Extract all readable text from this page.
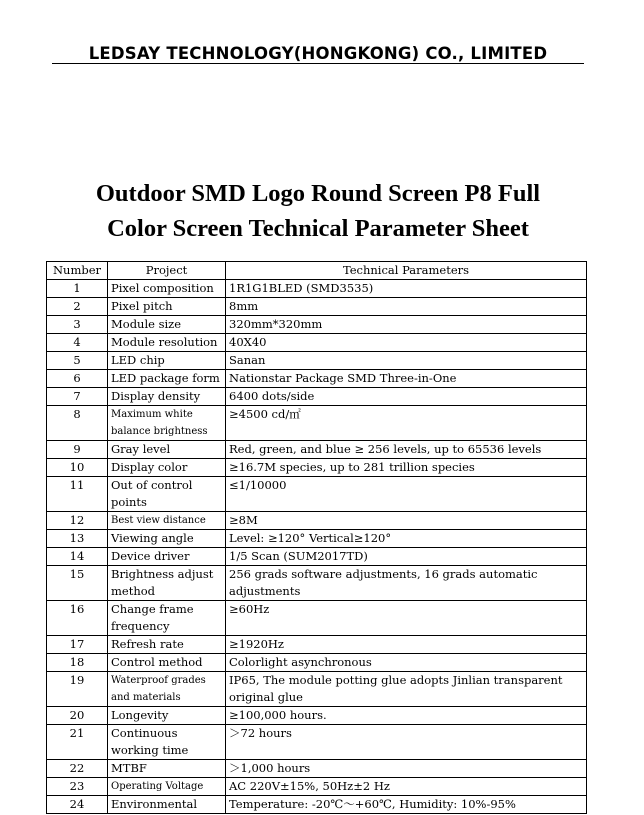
LEDSAY TECHNOLOGY(HONGKONG) CO., LIMITED
Outdoor SMD Logo Round Screen P8 Full
Color Screen Technical Parameter Sheet
Number	Project	Technical Parameters
1	Pixel composition	1R1G1BLED (SMD3535)
2	Pixel pitch	8mm
3	Module size	320mm*320mm
4	Module resolution	40X40
5	LED chip	Sanan
6	LED package form	Nationstar Package SMD Three-in-One
7	Display density	6400 dots/side
8	Maximum white balance brightness	≥4500 cd/㎡
9	Gray level	Red, green, and blue ≥ 256 levels, up to 65536 levels
10	Display color	≥16.7M species, up to 281 trillion species
11	Out of control points	≤1/10000
12	Best view distance	≥8M
13	Viewing angle	Level: ≥120° Vertical≥120°
14	Device driver	1/5 Scan (SUM2017TD)
15	Brightness adjust method	256 grads software adjustments, 16 grads automatic adjustments
16	Change frame frequency	≥60Hz
17	Refresh rate	≥1920Hz
18	Control method	Colorlight asynchronous
19	Waterproof grades and materials	IP65, The module potting glue adopts Jinlian transparent original glue
20	Longevity	≥100,000 hours.
21	Continuous working time	＞72 hours
22	MTBF	＞1,000 hours
23	Operating Voltage	AC 220V±15%, 50Hz±2 Hz
24	Environmental	Temperature: -20℃～+60℃, Humidity: 10%-95%
